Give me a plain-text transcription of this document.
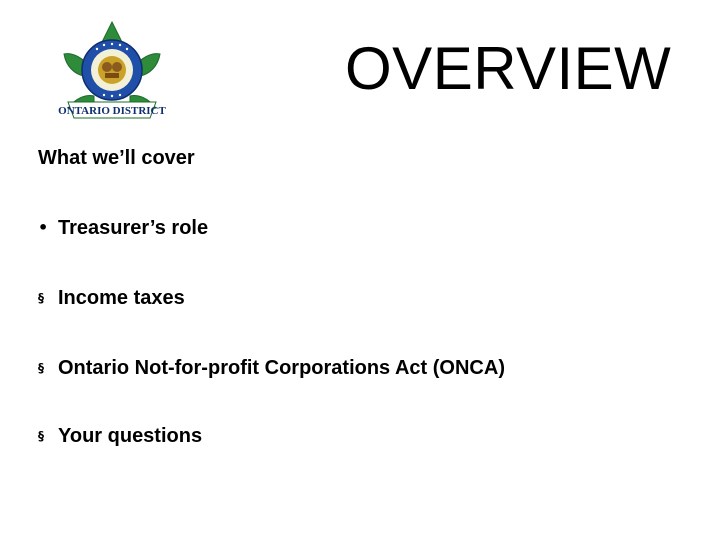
ONTARIO DISTRICT
OVERVIEW
What we’ll cover
• Treasurer’s role
§ Income taxes
§ Ontario Not-for-profit Corporations Act (ONCA)
§ Your questions
